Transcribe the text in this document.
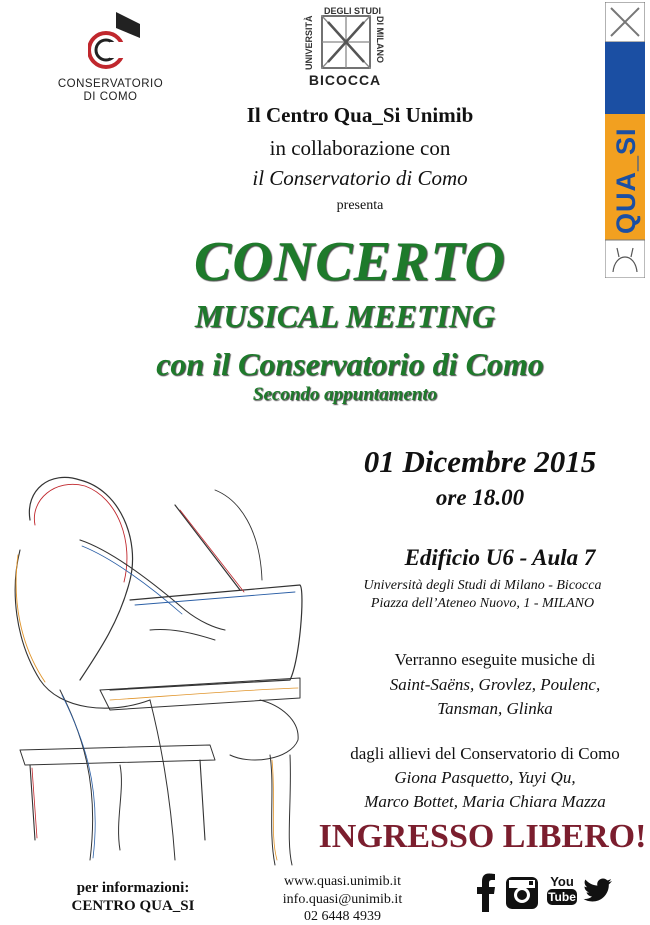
CONSERVATORIO
DI COMO
UNIVERSITÀ
DEGLI STUDI
DI MILANO
BICOCCA
QUA_SI
Il Centro Qua_Si Unimib
in collaborazione con
il Conservatorio di Como
presenta
CONCERTO
MUSICAL MEETING
con il Conservatorio di Como
Secondo appuntamento
01 Dicembre 2015
ore 18.00
Edificio U6 - Aula 7
Università degli Studi di Milano - Bicocca
Piazza dell’Ateneo Nuovo, 1 - MILANO
Verranno eseguite musiche di
Saint-Saëns, Grovlez, Poulenc,
Tansman, Glinka
dagli allievi del Conservatorio di Como
Giona Pasquetto, Yuyi Qu,
Marco Bottet, Maria Chiara Mazza
INGRESSO LIBERO!
per informazioni:
CENTRO QUA_SI
www.quasi.unimib.it
info.quasi@unimib.it
02 6448 4939
You
Tube
